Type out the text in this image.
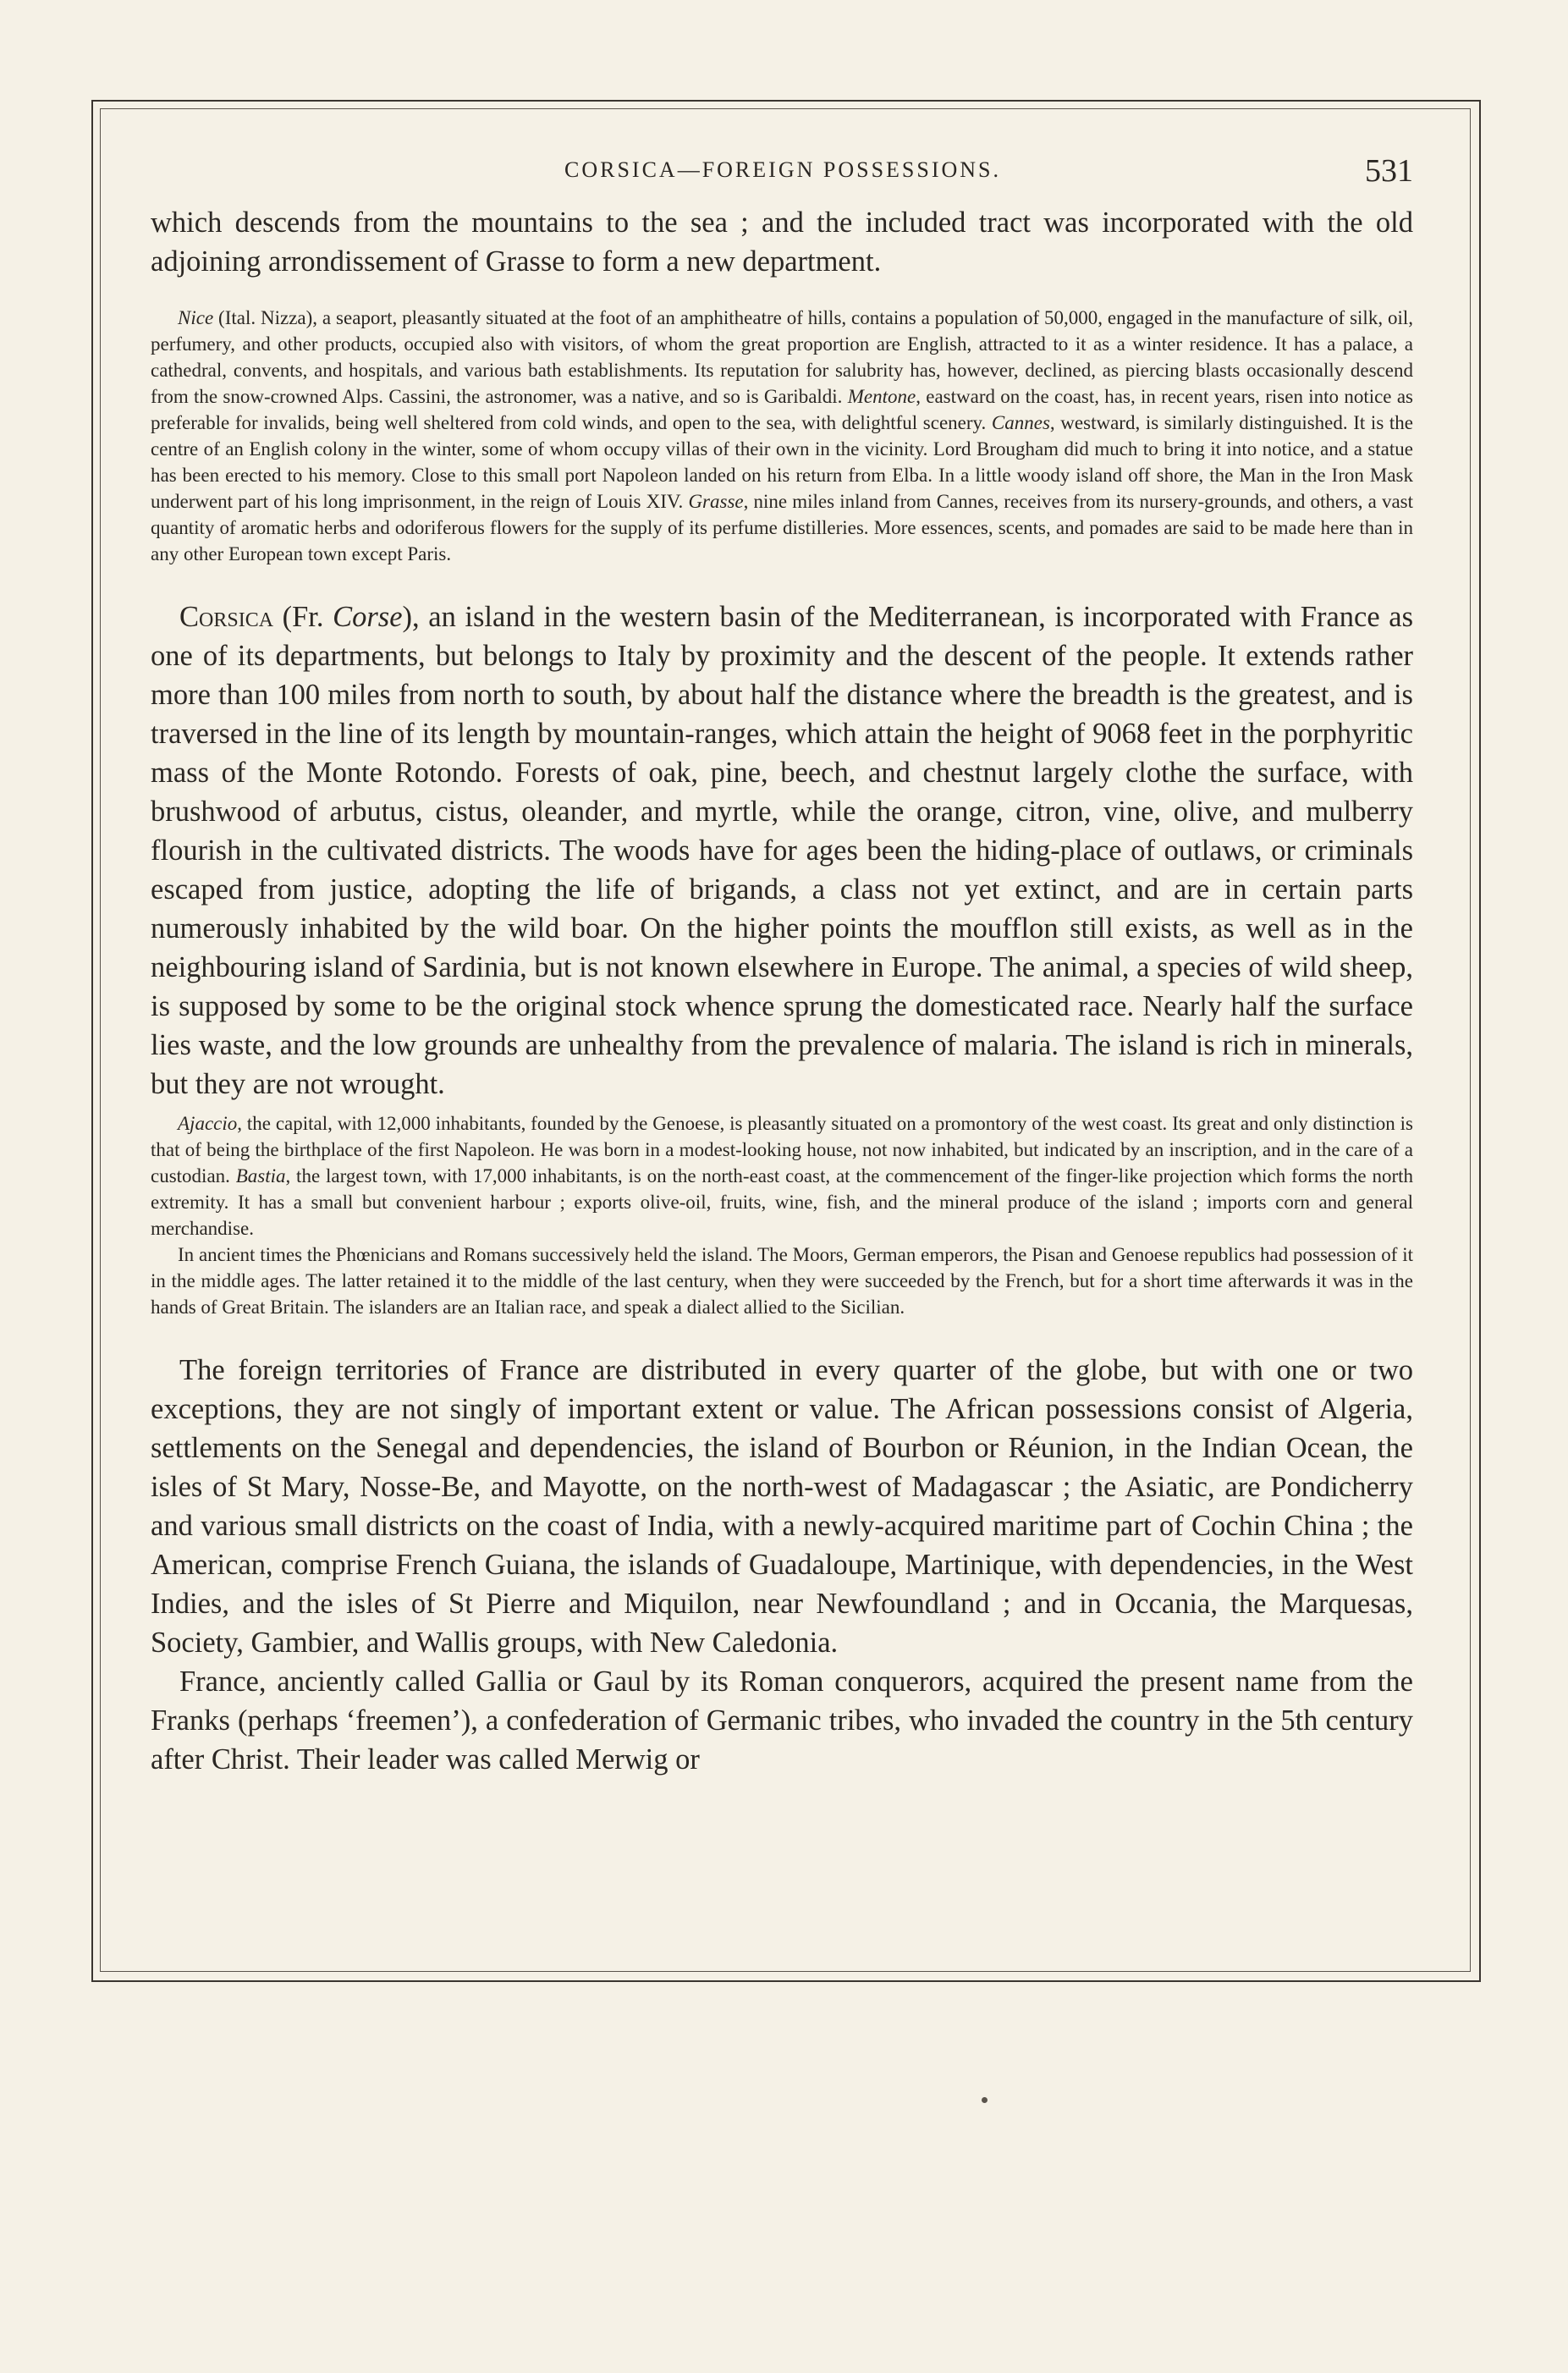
CORSICA—FOREIGN POSSESSIONS.	531

which descends from the mountains to the sea ; and the included tract was incorporated with the old adjoining arrondissement of Grasse to form a new department.

Nice (Ital. Nizza), a seaport, pleasantly situated at the foot of an amphitheatre of hills, contains a population of 50,000, engaged in the manufacture of silk, oil, perfumery, and other products, occupied also with visitors, of whom the great proportion are English, attracted to it as a winter residence. It has a palace, a cathedral, convents, and hospitals, and various bath establishments. Its reputation for salubrity has, however, declined, as piercing blasts occasionally descend from the snow-crowned Alps. Cassini, the astronomer, was a native, and so is Garibaldi. Mentone, eastward on the coast, has, in recent years, risen into notice as preferable for invalids, being well sheltered from cold winds, and open to the sea, with delightful scenery. Cannes, westward, is similarly distinguished. It is the centre of an English colony in the winter, some of whom occupy villas of their own in the vicinity. Lord Brougham did much to bring it into notice, and a statue has been erected to his memory. Close to this small port Napoleon landed on his return from Elba. In a little woody island off shore, the Man in the Iron Mask underwent part of his long imprisonment, in the reign of Louis XIV. Grasse, nine miles inland from Cannes, receives from its nursery-grounds, and others, a vast quantity of aromatic herbs and odoriferous flowers for the supply of its perfume distilleries. More essences, scents, and pomades are said to be made here than in any other European town except Paris.

Corsica (Fr. Corse), an island in the western basin of the Mediterranean, is incorporated with France as one of its departments, but belongs to Italy by proximity and the descent of the people. It extends rather more than 100 miles from north to south, by about half the distance where the breadth is the greatest, and is traversed in the line of its length by mountain-ranges, which attain the height of 9068 feet in the porphyritic mass of the Monte Rotondo. Forests of oak, pine, beech, and chestnut largely clothe the surface, with brushwood of arbutus, cistus, oleander, and myrtle, while the orange, citron, vine, olive, and mulberry flourish in the cultivated districts. The woods have for ages been the hiding-place of outlaws, or criminals escaped from justice, adopting the life of brigands, a class not yet extinct, and are in certain parts numerously inhabited by the wild boar. On the higher points the moufflon still exists, as well as in the neighbouring island of Sardinia, but is not known elsewhere in Europe. The animal, a species of wild sheep, is supposed by some to be the original stock whence sprung the domesticated race. Nearly half the surface lies waste, and the low grounds are unhealthy from the prevalence of malaria. The island is rich in minerals, but they are not wrought.

Ajaccio, the capital, with 12,000 inhabitants, founded by the Genoese, is pleasantly situated on a promontory of the west coast. Its great and only distinction is that of being the birthplace of the first Napoleon. He was born in a modest-looking house, not now inhabited, but indicated by an inscription, and in the care of a custodian. Bastia, the largest town, with 17,000 inhabitants, is on the north-east coast, at the commencement of the finger-like projection which forms the north extremity. It has a small but convenient harbour ; exports olive-oil, fruits, wine, fish, and the mineral produce of the island ; imports corn and general merchandise.

In ancient times the Phœnicians and Romans successively held the island. The Moors, German emperors, the Pisan and Genoese republics had possession of it in the middle ages. The latter retained it to the middle of the last century, when they were succeeded by the French, but for a short time afterwards it was in the hands of Great Britain. The islanders are an Italian race, and speak a dialect allied to the Sicilian.

The foreign territories of France are distributed in every quarter of the globe, but with one or two exceptions, they are not singly of important extent or value. The African possessions consist of Algeria, settlements on the Senegal and dependencies, the island of Bourbon or Réunion, in the Indian Ocean, the isles of St Mary, Nosse-Be, and Mayotte, on the north-west of Madagascar ; the Asiatic, are Pondicherry and various small districts on the coast of India, with a newly-acquired maritime part of Cochin China ; the American, comprise French Guiana, the islands of Guadaloupe, Martinique, with dependencies, in the West Indies, and the isles of St Pierre and Miquilon, near Newfoundland ; and in Occania, the Marquesas, Society, Gambier, and Wallis groups, with New Caledonia.

France, anciently called Gallia or Gaul by its Roman conquerors, acquired the present name from the Franks (perhaps ‘freemen’), a confederation of Germanic tribes, who invaded the country in the 5th century after Christ. Their leader was called Merwig or
